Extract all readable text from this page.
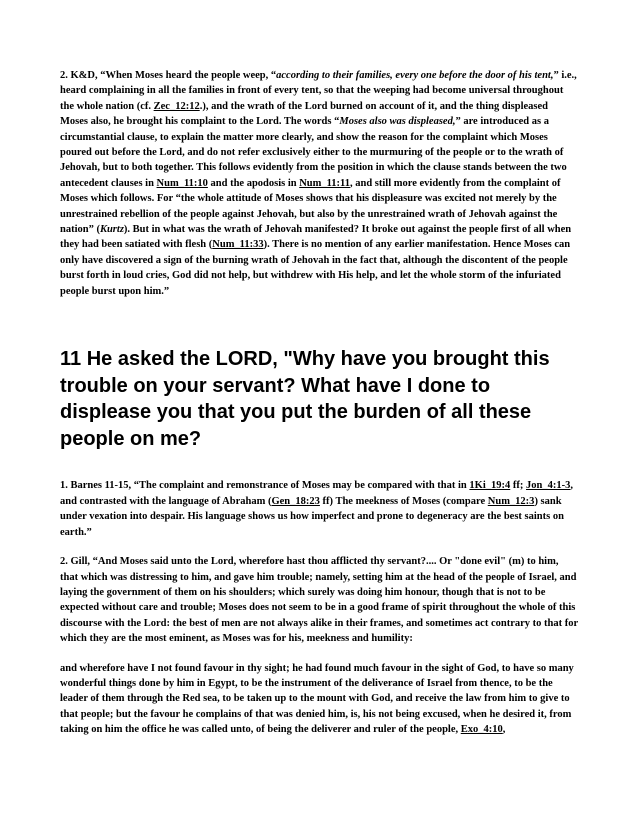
2. K&D, “When Moses heard the people weep, “according to their families, every one before the door of his tent,” i.e., heard complaining in all the families in front of every tent, so that the weeping had become universal throughout the whole nation (cf. Zec_12:12.), and the wrath of the Lord burned on account of it, and the thing displeased Moses also, he brought his complaint to the Lord. The words “Moses also was displeased,” are introduced as a circumstantial clause, to explain the matter more clearly, and show the reason for the complaint which Moses poured out before the Lord, and do not refer exclusively either to the murmuring of the people or to the wrath of Jehovah, but to both together. This follows evidently from the position in which the clause stands between the two antecedent clauses in Num_11:10 and the apodosis in Num_11:11, and still more evidently from the complaint of Moses which follows. For “the whole attitude of Moses shows that his displeasure was excited not merely by the unrestrained rebellion of the people against Jehovah, but also by the unrestrained wrath of Jehovah against the nation” (Kurtz). But in what was the wrath of Jehovah manifested? It broke out against the people first of all when they had been satiated with flesh (Num_11:33). There is no mention of any earlier manifestation. Hence Moses can only have discovered a sign of the burning wrath of Jehovah in the fact that, although the discontent of the people burst forth in loud cries, God did not help, but withdrew with His help, and let the whole storm of the infuriated people burst upon him.”

11 He asked the LORD, "Why have you brought this trouble on your servant? What have I done to displease you that you put the burden of all these people on me?

1. Barnes 11-15, “The complaint and remonstrance of Moses may be compared with that in 1Ki_19:4 ff; Jon_4:1-3, and contrasted with the language of Abraham (Gen_18:23 ff) The meekness of Moses (compare Num_12:3) sank under vexation into despair. His language shows us how imperfect and prone to degeneracy are the best saints on earth.”

2. Gill, “And Moses said unto the Lord, wherefore hast thou afflicted thy servant?.... Or "done evil" (m) to him, that which was distressing to him, and gave him trouble; namely, setting him at the head of the people of Israel, and laying the government of them on his shoulders; which surely was doing him honour, though that is not to be expected without care and trouble; Moses does not seem to be in a good frame of spirit throughout the whole of this discourse with the Lord: the best of men are not always alike in their frames, and sometimes act contrary to that for which they are the most eminent, as Moses was for his, meekness and humility:

and wherefore have I not found favour in thy sight; he had found much favour in the sight of God, to have so many wonderful things done by him in Egypt, to be the instrument of the deliverance of Israel from thence, to be the leader of them through the Red sea, to be taken up to the mount with God, and receive the law from him to give to that people; but the favour he complains of that was denied him, is, his not being excused, when he desired it, from taking on him the office he was called unto, of being the deliverer and ruler of the people, Exo_4:10,
